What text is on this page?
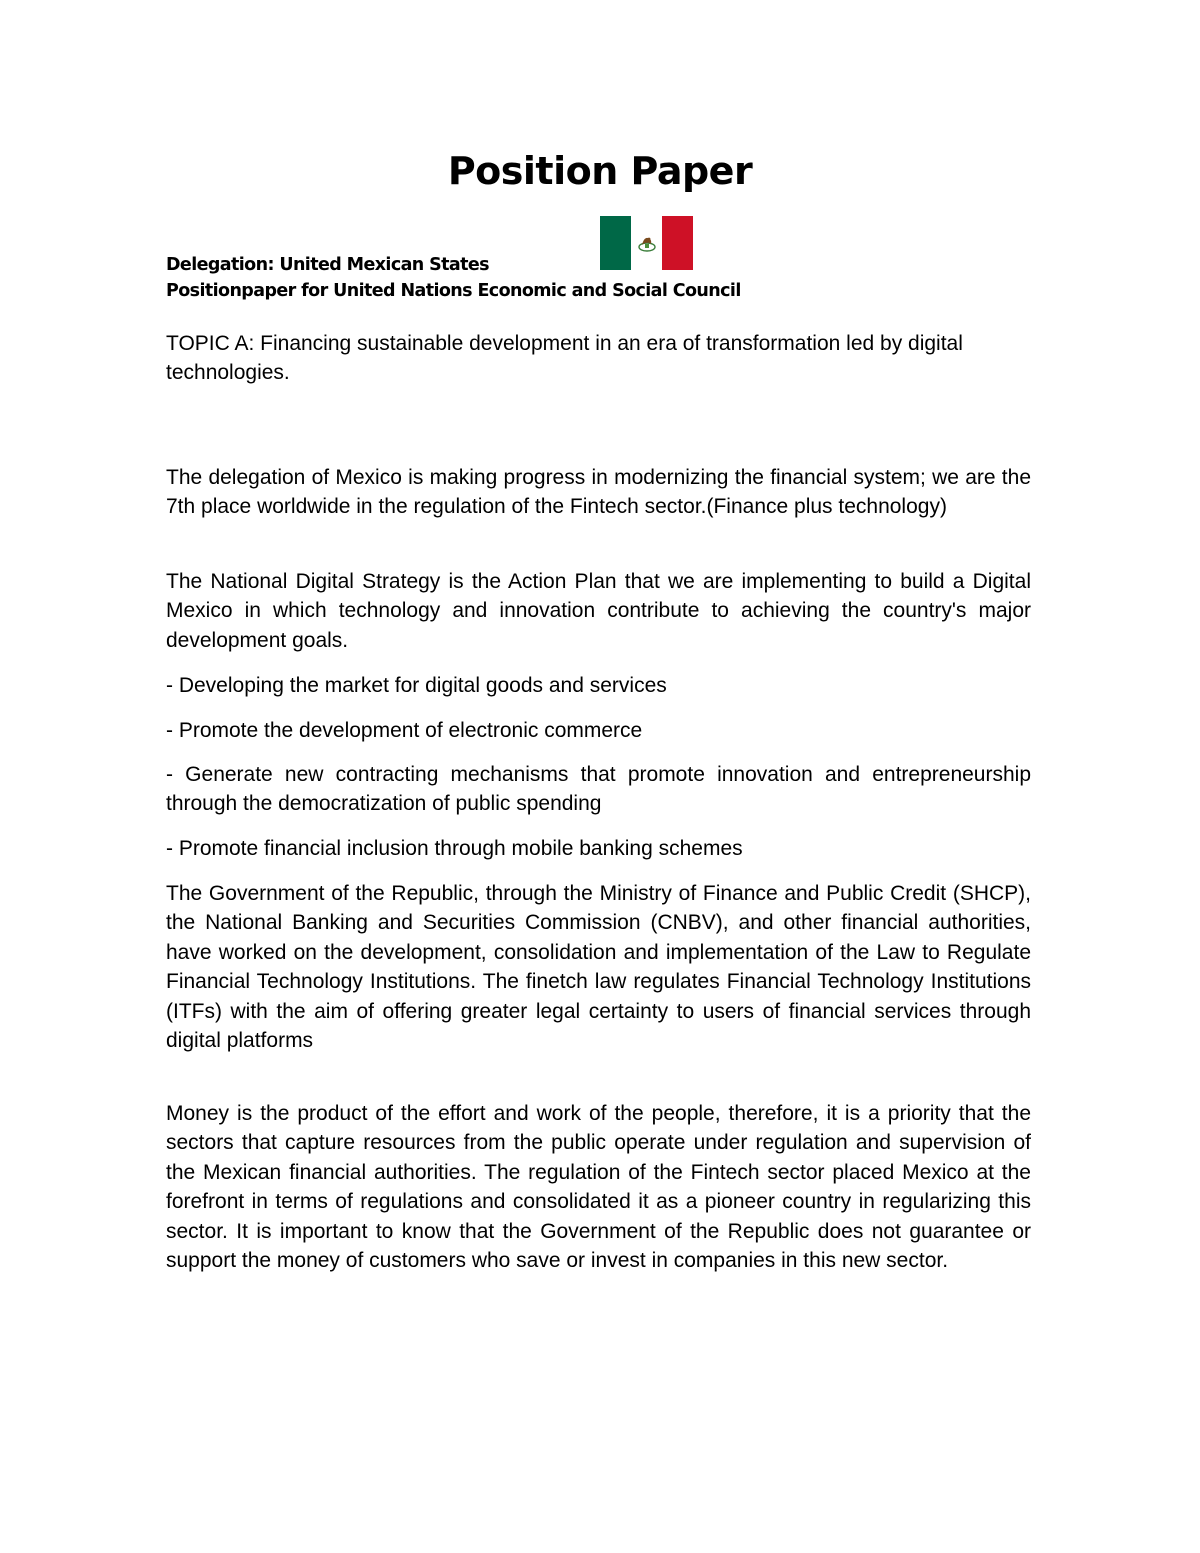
Position Paper
Delegation: United Mexican States
Positionpaper for United Nations Economic and Social Council

TOPIC A: Financing sustainable development in an era of transformation led by digital technologies.

The delegation of Mexico is making progress in modernizing the financial system; we are the 7th place worldwide in the regulation of the Fintech sector.(Finance plus technology)

The National Digital Strategy is the Action Plan that we are implementing to build a Digital Mexico in which technology and innovation contribute to achieving the country's major development goals.

- Developing the market for digital goods and services

- Promote the development of electronic commerce

- Generate new contracting mechanisms that promote innovation and entrepreneurship through the democratization of public spending

- Promote financial inclusion through mobile banking schemes

The Government of the Republic, through the Ministry of Finance and Public Credit (SHCP), the National Banking and Securities Commission (CNBV), and other financial authorities, have worked on the development, consolidation and implementation of the Law to Regulate Financial Technology Institutions. The finetch law regulates Financial Technology Institutions (ITFs) with the aim of offering greater legal certainty to users of financial services through digital platforms

Money is the product of the effort and work of the people, therefore, it is a priority that the sectors that capture resources from the public operate under regulation and supervision of the Mexican financial authorities. The regulation of the Fintech sector placed Mexico at the forefront in terms of regulations and consolidated it as a pioneer country in regularizing this sector. It is important to know that the Government of the Republic does not guarantee or support the money of customers who save or invest in companies in this new sector.
